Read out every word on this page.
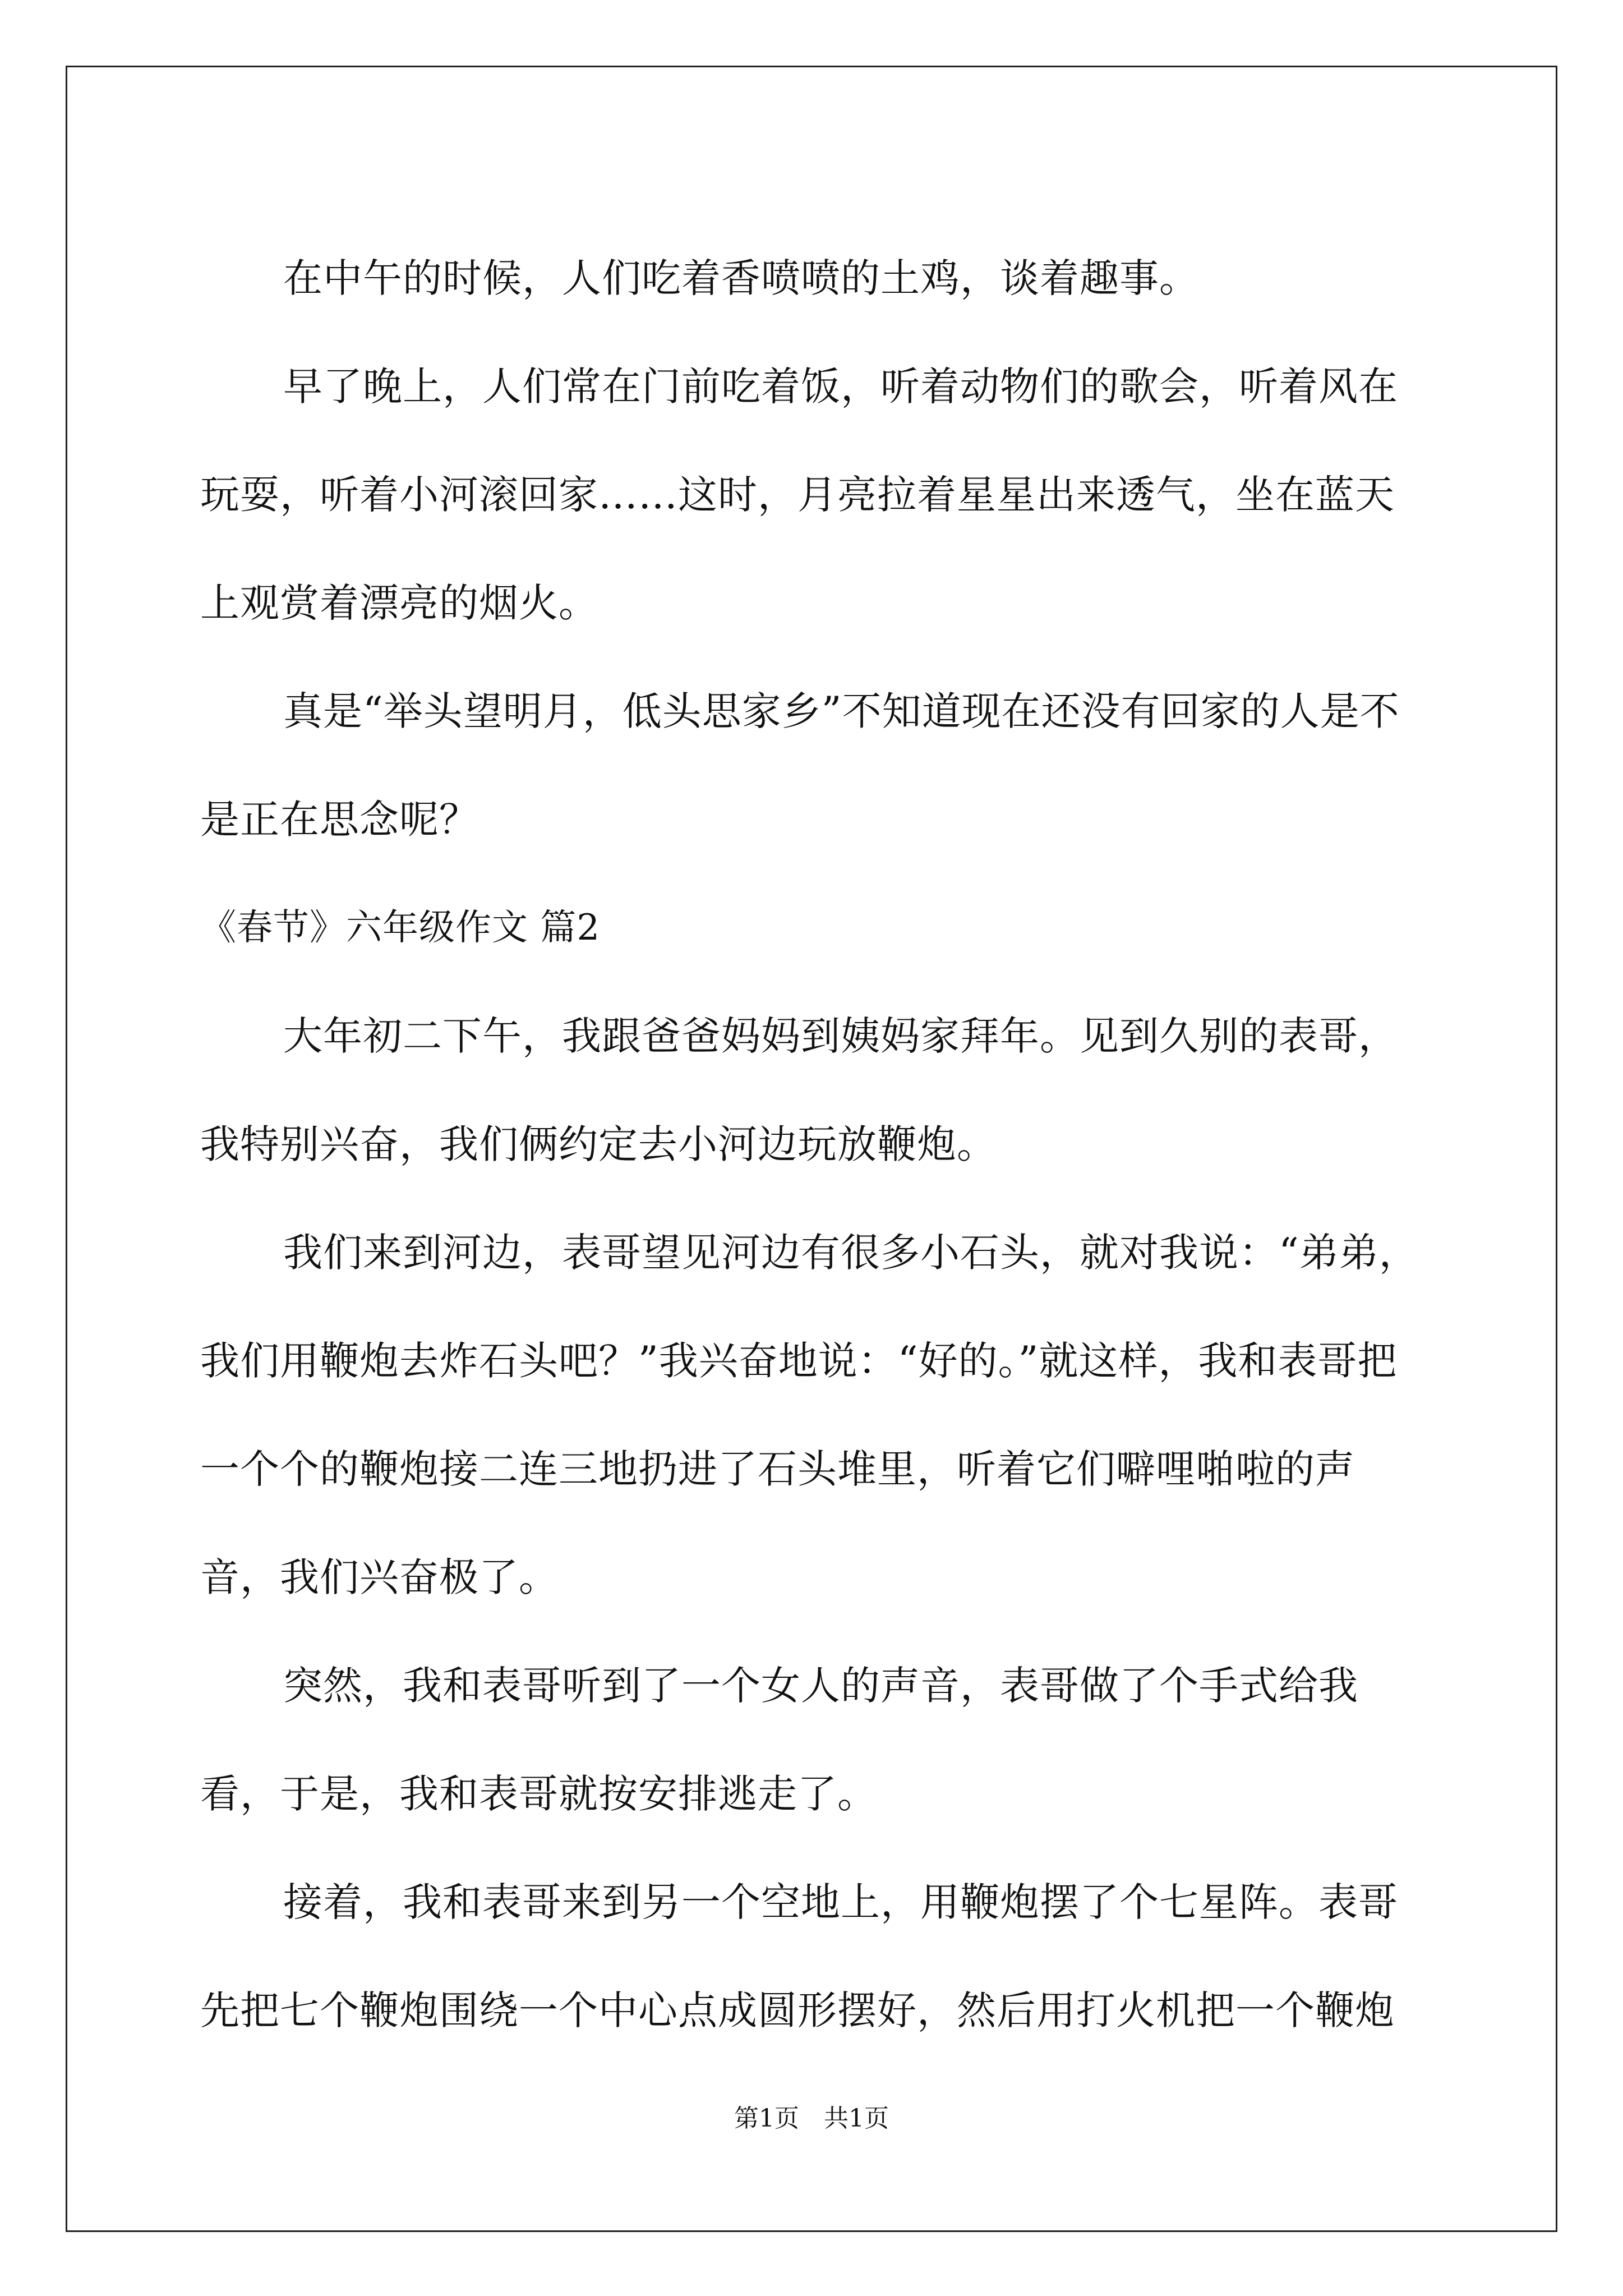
在中午的时候，人们吃着香喷喷的土鸡，谈着趣事。

早了晚上，人们常在门前吃着饭，听着动物们的歌会，听着风在玩耍，听着小河滚回家……这时，月亮拉着星星出来透气，坐在蓝天上观赏着漂亮的烟火。

真是“举头望明月，低头思家乡”不知道现在还没有回家的人是不是正在思念呢？

《春节》六年级作文 篇2

大年初二下午，我跟爸爸妈妈到姨妈家拜年。见到久别的表哥，我特别兴奋，我们俩约定去小河边玩放鞭炮。

我们来到河边，表哥望见河边有很多小石头，就对我说：“弟弟，我们用鞭炮去炸石头吧？”我兴奋地说：“好的。”就这样，我和表哥把一个个的鞭炮接二连三地扔进了石头堆里，听着它们噼哩啪啦的声音，我们兴奋极了。

突然，我和表哥听到了一个女人的声音，表哥做了个手式给我看，于是，我和表哥就按安排逃走了。

接着，我和表哥来到另一个空地上，用鞭炮摆了个七星阵。表哥先把七个鞭炮围绕一个中心点成圆形摆好，然后用打火机把一个鞭炮

第1页　共1页
